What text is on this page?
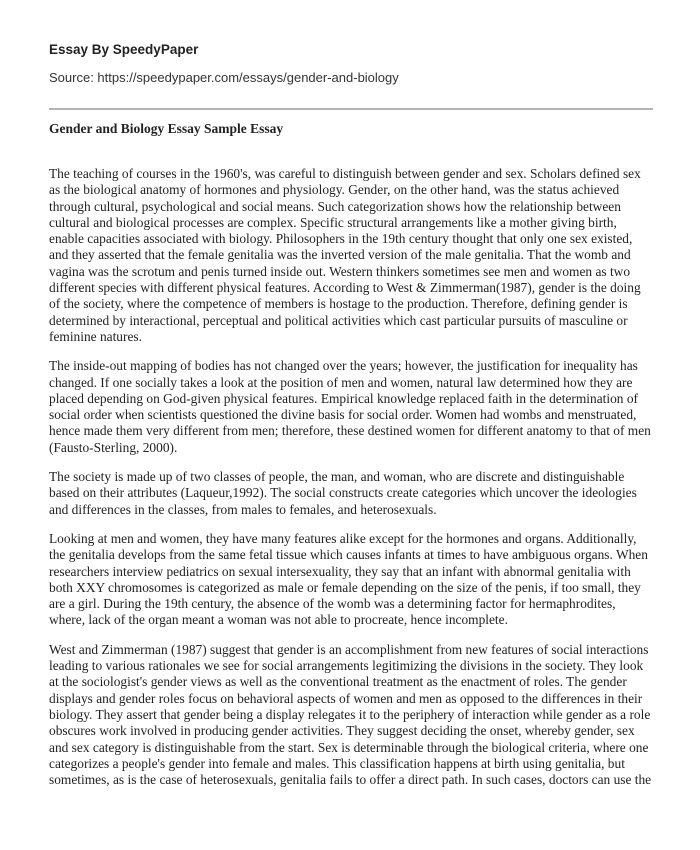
Essay By SpeedyPaper

Source: https://speedypaper.com/essays/gender-and-biology

Gender and Biology Essay Sample Essay

The teaching of courses in the 1960's, was careful to distinguish between gender and sex. Scholars defined sex as the biological anatomy of hormones and physiology. Gender, on the other hand, was the status achieved through cultural, psychological and social means. Such categorization shows how the relationship between cultural and biological processes are complex. Specific structural arrangements like a mother giving birth, enable capacities associated with biology. Philosophers in the 19th century thought that only one sex existed, and they asserted that the female genitalia was the inverted version of the male genitalia. That the womb and vagina was the scrotum and penis turned inside out. Western thinkers sometimes see men and women as two different species with different physical features. According to West & Zimmerman(1987), gender is the doing of the society, where the competence of members is hostage to the production. Therefore, defining gender is determined by interactional, perceptual and political activities which cast particular pursuits of masculine or feminine natures.

The inside-out mapping of bodies has not changed over the years; however, the justification for inequality has changed. If one socially takes a look at the position of men and women, natural law determined how they are placed depending on God-given physical features. Empirical knowledge replaced faith in the determination of social order when scientists questioned the divine basis for social order. Women had wombs and menstruated, hence made them very different from men; therefore, these destined women for different anatomy to that of men (Fausto-Sterling, 2000).

The society is made up of two classes of people, the man, and woman, who are discrete and distinguishable based on their attributes (Laqueur,1992). The social constructs create categories which uncover the ideologies and differences in the classes, from males to females, and heterosexuals.

Looking at men and women, they have many features alike except for the hormones and organs. Additionally, the genitalia develops from the same fetal tissue which causes infants at times to have ambiguous organs. When researchers interview pediatrics on sexual intersexuality, they say that an infant with abnormal genitalia with both XXY chromosomes is categorized as male or female depending on the size of the penis, if too small, they are a girl. During the 19th century, the absence of the womb was a determining factor for hermaphrodites, where, lack of the organ meant a woman was not able to procreate, hence incomplete.

West and Zimmerman (1987) suggest that gender is an accomplishment from new features of social interactions leading to various rationales we see for social arrangements legitimizing the divisions in the society. They look at the sociologist's gender views as well as the conventional treatment as the enactment of roles. The gender displays and gender roles focus on behavioral aspects of women and men as opposed to the differences in their biology. They assert that gender being a display relegates it to the periphery of interaction while gender as a role obscures work involved in producing gender activities. They suggest deciding the onset, whereby gender, sex and sex category is distinguishable from the start. Sex is determinable through the biological criteria, where one categorizes a people's gender into female and males. This classification happens at birth using genitalia, but sometimes, as is the case of heterosexuals, genitalia fails to offer a direct path. In such cases, doctors can use the
